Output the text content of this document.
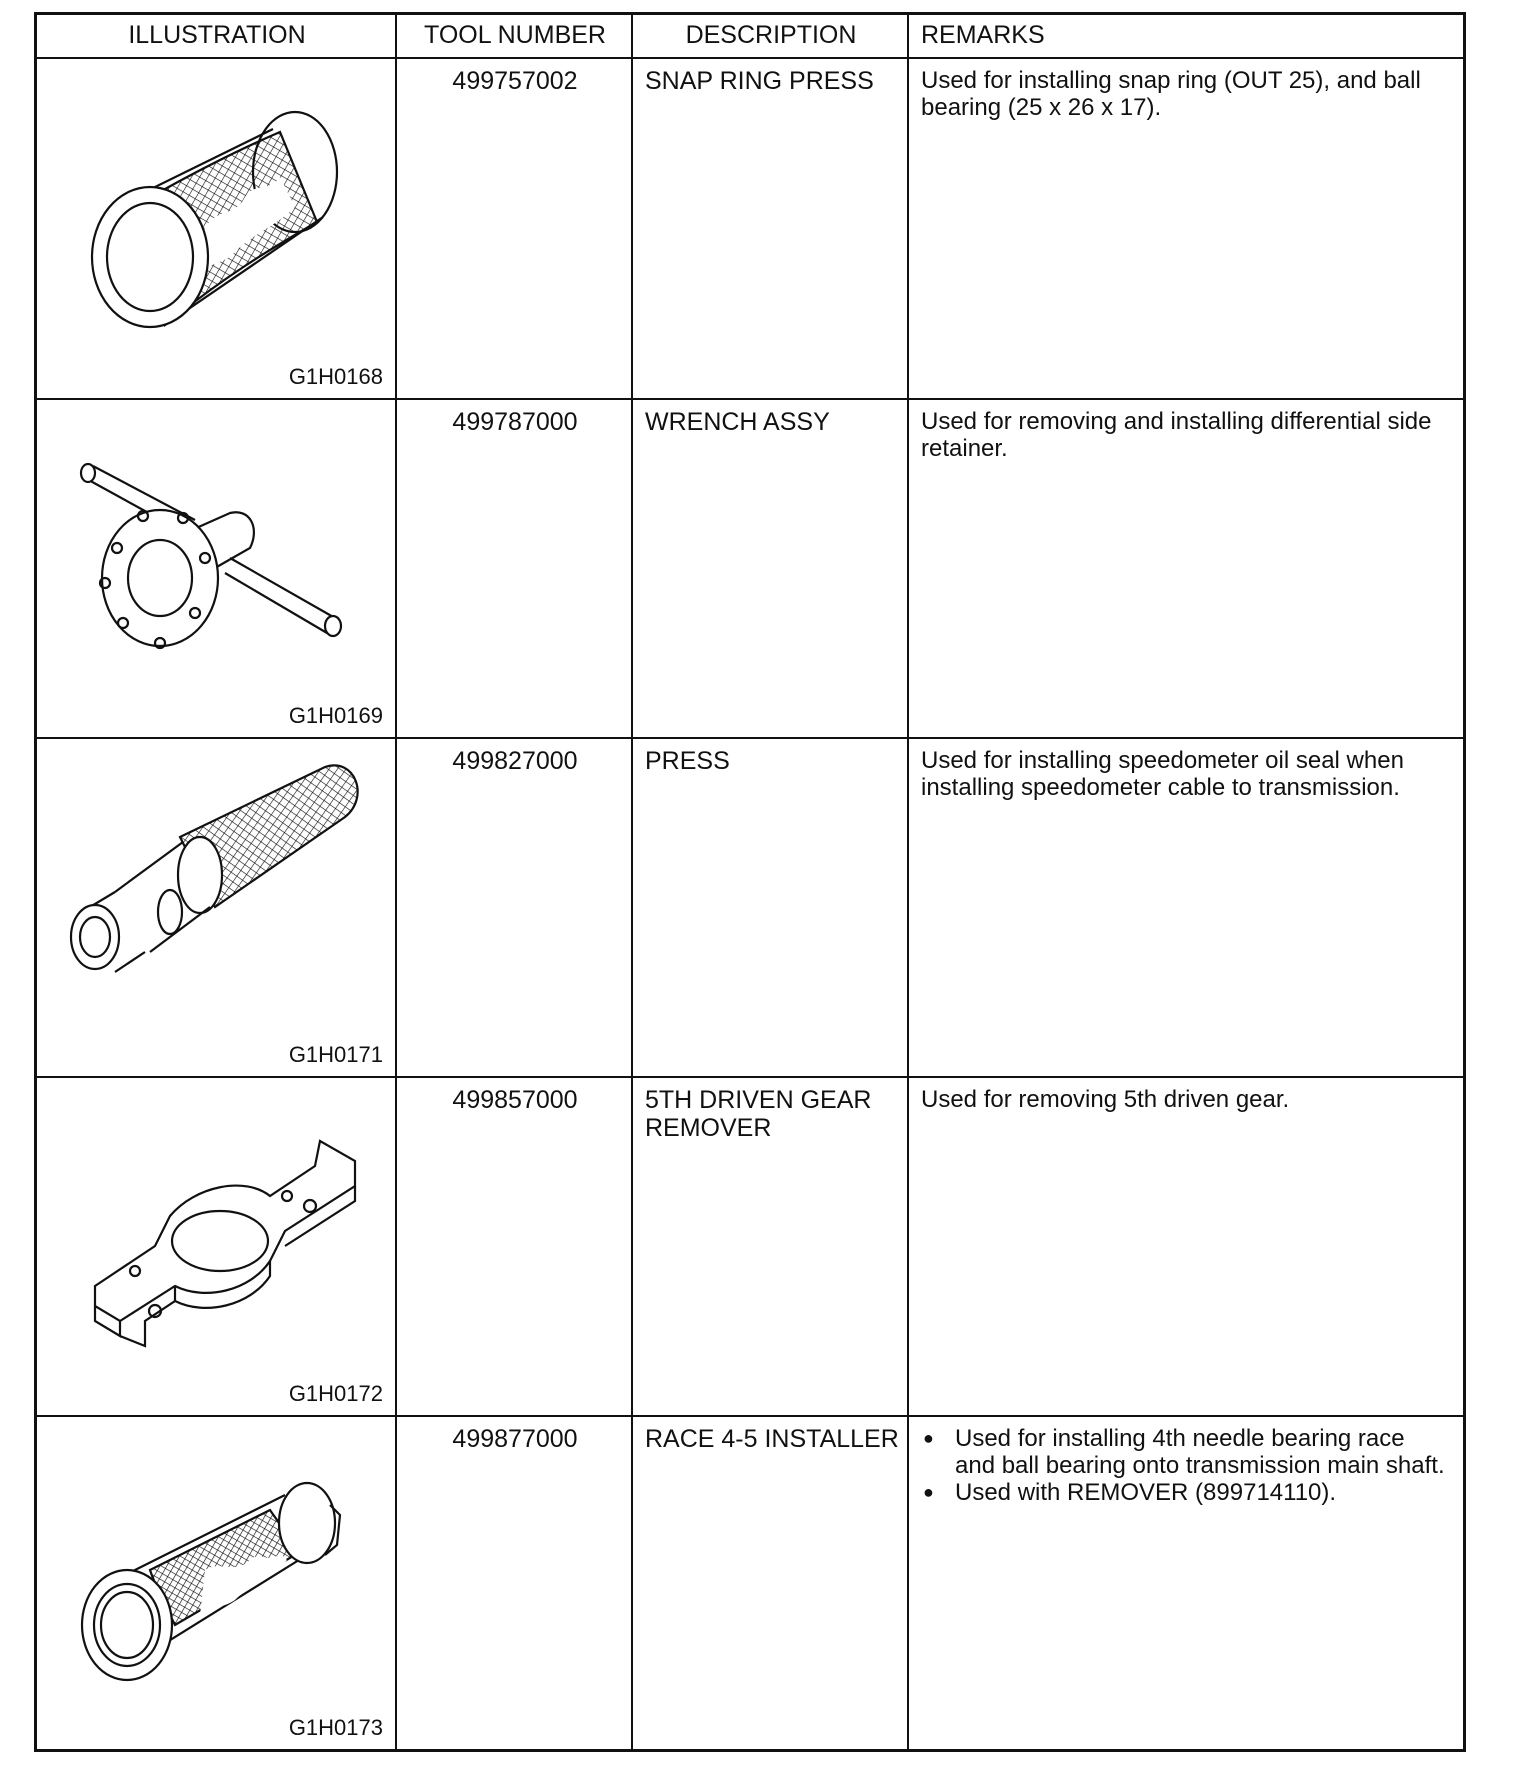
ILLUSTRATION	TOOL NUMBER	DESCRIPTION	REMARKS
G1H0168
499757002	SNAP RING PRESS	Used for installing snap ring (OUT 25), and ball bearing (25 x 26 x 17).
G1H0169
499787000	WRENCH ASSY	Used for removing and installing differential side retainer.
G1H0171
499827000	PRESS	Used for installing speedometer oil seal when installing speedometer cable to transmission.
G1H0172
499857000	5TH DRIVEN GEAR REMOVER
Used for removing 5th driven gear.
G1H0173
499877000	RACE 4-5 INSTALLER
●	Used for installing 4th needle bearing race and ball bearing onto transmission main shaft.
● Used with REMOVER (899714110).
